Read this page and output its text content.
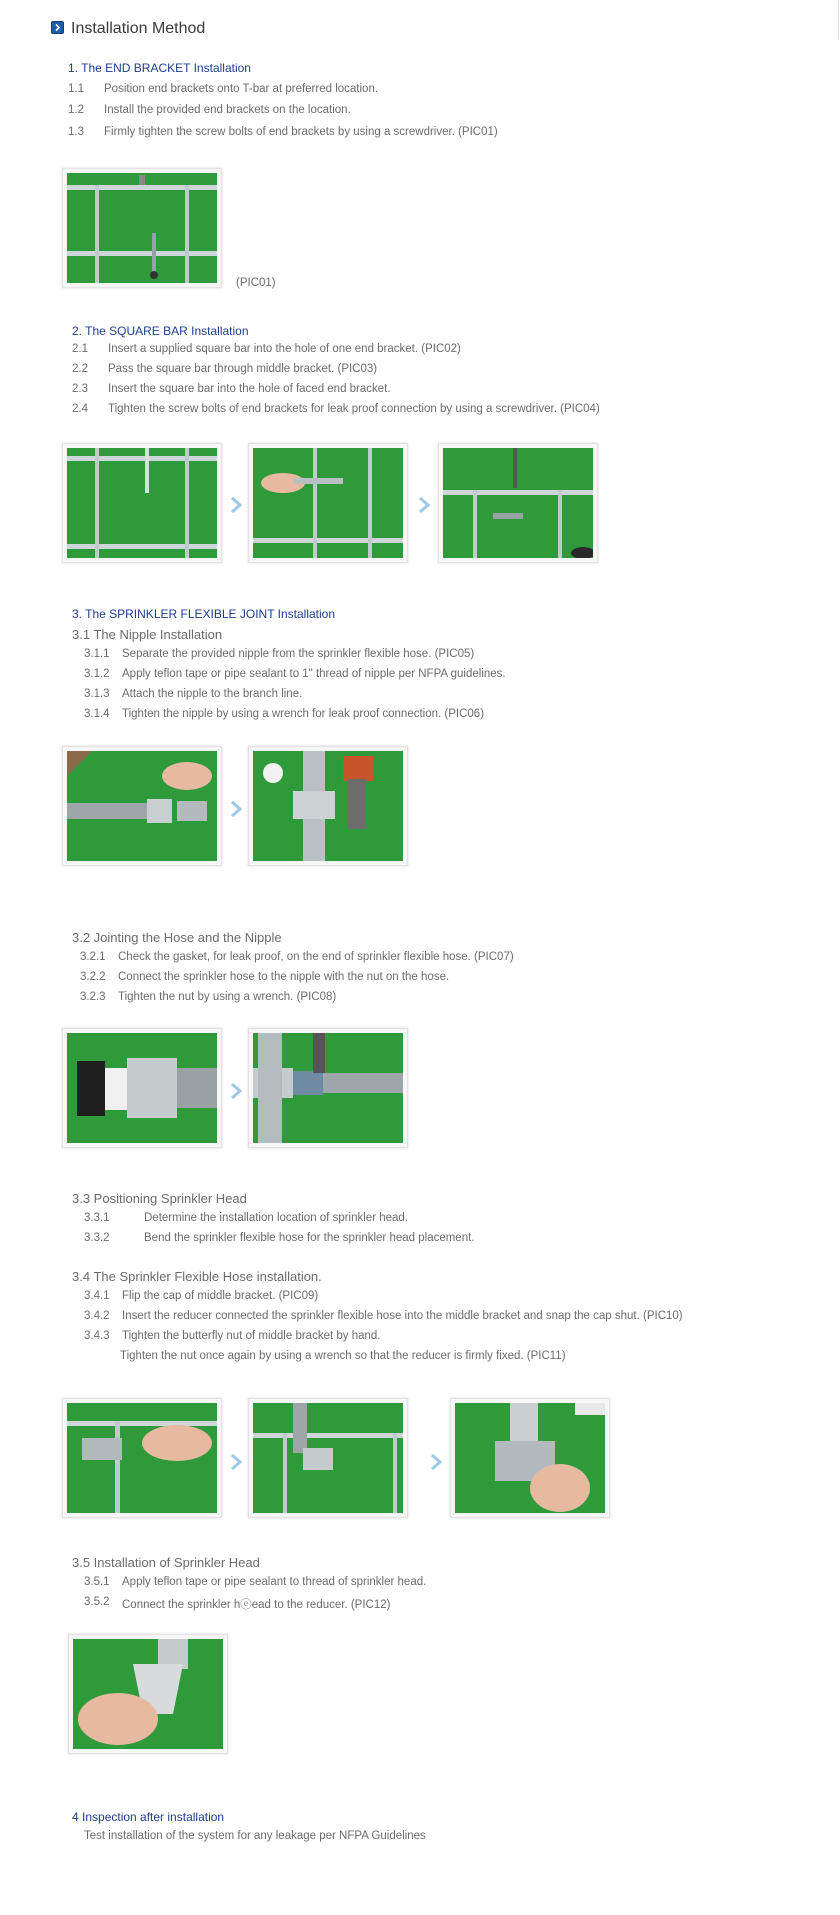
Installation Method
1. The END BRACKET Installation
1.1 Position end brackets onto T-bar at preferred location.
1.2 Install the provided end brackets on the location.
1.3 Firmly tighten the screw bolts of end brackets by using a screwdriver. (PIC01)
(PIC01)
2. The SQUARE BAR Installation
2.1 Insert a supplied square bar into the hole of one end bracket. (PIC02)
2.2 Pass the square bar through middle bracket. (PIC03)
2.3 Insert the square bar into the hole of faced end bracket.
2.4 Tighten the screw bolts of end brackets for leak proof connection by using a screwdriver. (PIC04)
3. The SPRINKLER FLEXIBLE JOINT Installation
3.1 The Nipple Installation
3.1.1 Separate the provided nipple from the sprinkler flexible hose. (PIC05)
3.1.2 Apply teflon tape or pipe sealant to 1" thread of nipple per NFPA guidelines.
3.1.3 Attach the nipple to the branch line.
3.1.4 Tighten the nipple by using a wrench for leak proof connection. (PIC06)
3.2 Jointing the Hose and the Nipple
3.2.1 Check the gasket, for leak proof, on the end of sprinkler flexible hose. (PIC07)
3.2.2 Connect the sprinkler hose to the nipple with the nut on the hose.
3.2.3 Tighten the nut by using a wrench. (PIC08)
3.3 Positioning Sprinkler Head
3.3.1	Determine the installation location of sprinkler head.
3.3.2	Bend the sprinkler flexible hose for the sprinkler head placement.
3.4 The Sprinkler Flexible Hose installation.
3.4.1 Flip the cap of middle bracket. (PIC09)
3.4.2 Insert the reducer connected the sprinkler flexible hose into the middle bracket and snap the cap shut. (PIC10)
3.4.3 Tighten the butterfly nut of middle bracket by hand.
Tighten the nut once again by using a wrench so that the reducer is firmly fixed. (PIC11)
3.5 Installation of Sprinkler Head
3.5.1 Apply teflon tape or pipe sealant to thread of sprinkler head.
3.5.2 Connect the sprinkler hⓔead to the reducer. (PIC12)
4 Inspection after installation
Test installation of the system for any leakage per NFPA Guidelines
